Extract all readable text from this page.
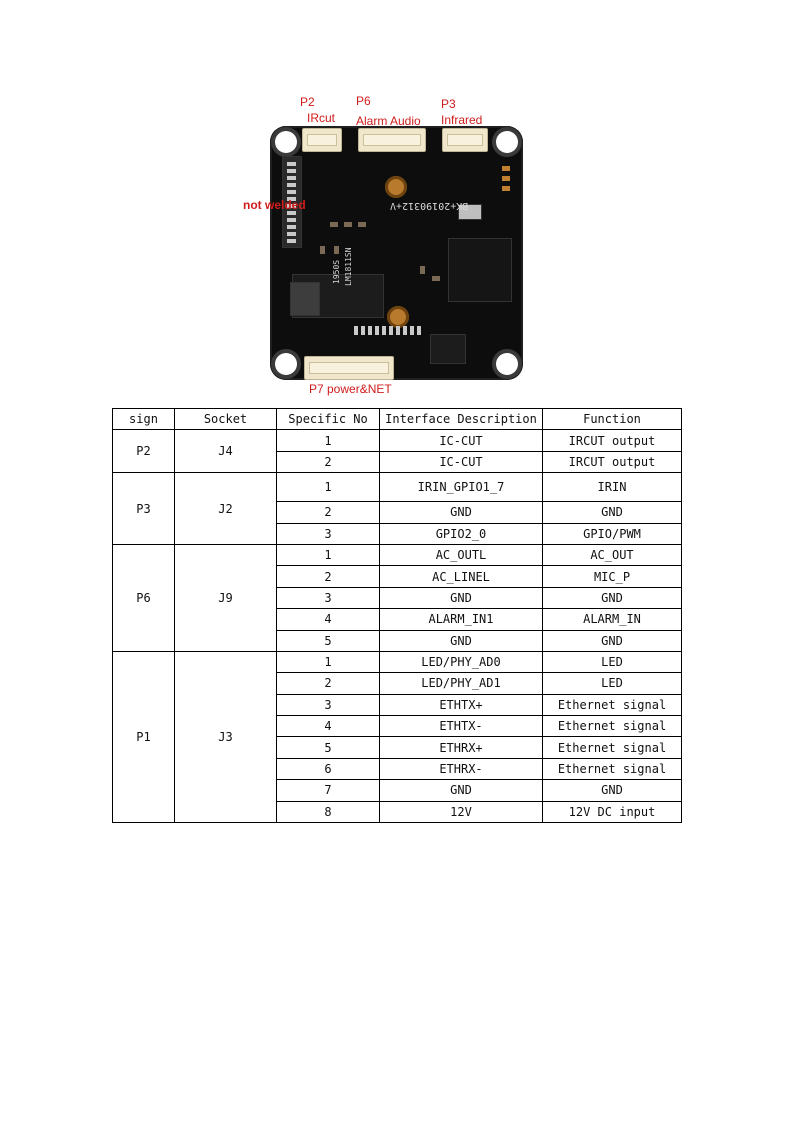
LM1811SN
1950S
BK+20190312+V
P2
IRcut
P6
Alarm Audio
P3
Infrared
not welded
P7 power&NET
sign	Socket	Specific No	Interface Description	Function
P2	J4	1	IC-CUT	IRCUT output
		2	IC-CUT	IRCUT output
P3	J2	1	IRIN_GPIO1_7	IRIN
		2	GND	GND
		3	GPIO2_0	GPIO/PWM
P6	J9	1	AC_OUTL	AC_OUT
		2	AC_LINEL	MIC_P
		3	GND	GND
		4	ALARM_IN1	ALARM_IN
		5	GND	GND
P1	J3	1	LED/PHY_AD0	LED
		2	LED/PHY_AD1	LED
		3	ETHTX+	Ethernet signal
		4	ETHTX-	Ethernet signal
		5	ETHRX+	Ethernet signal
		6	ETHRX-	Ethernet signal
		7	GND	GND
		8	12V	12V DC input
